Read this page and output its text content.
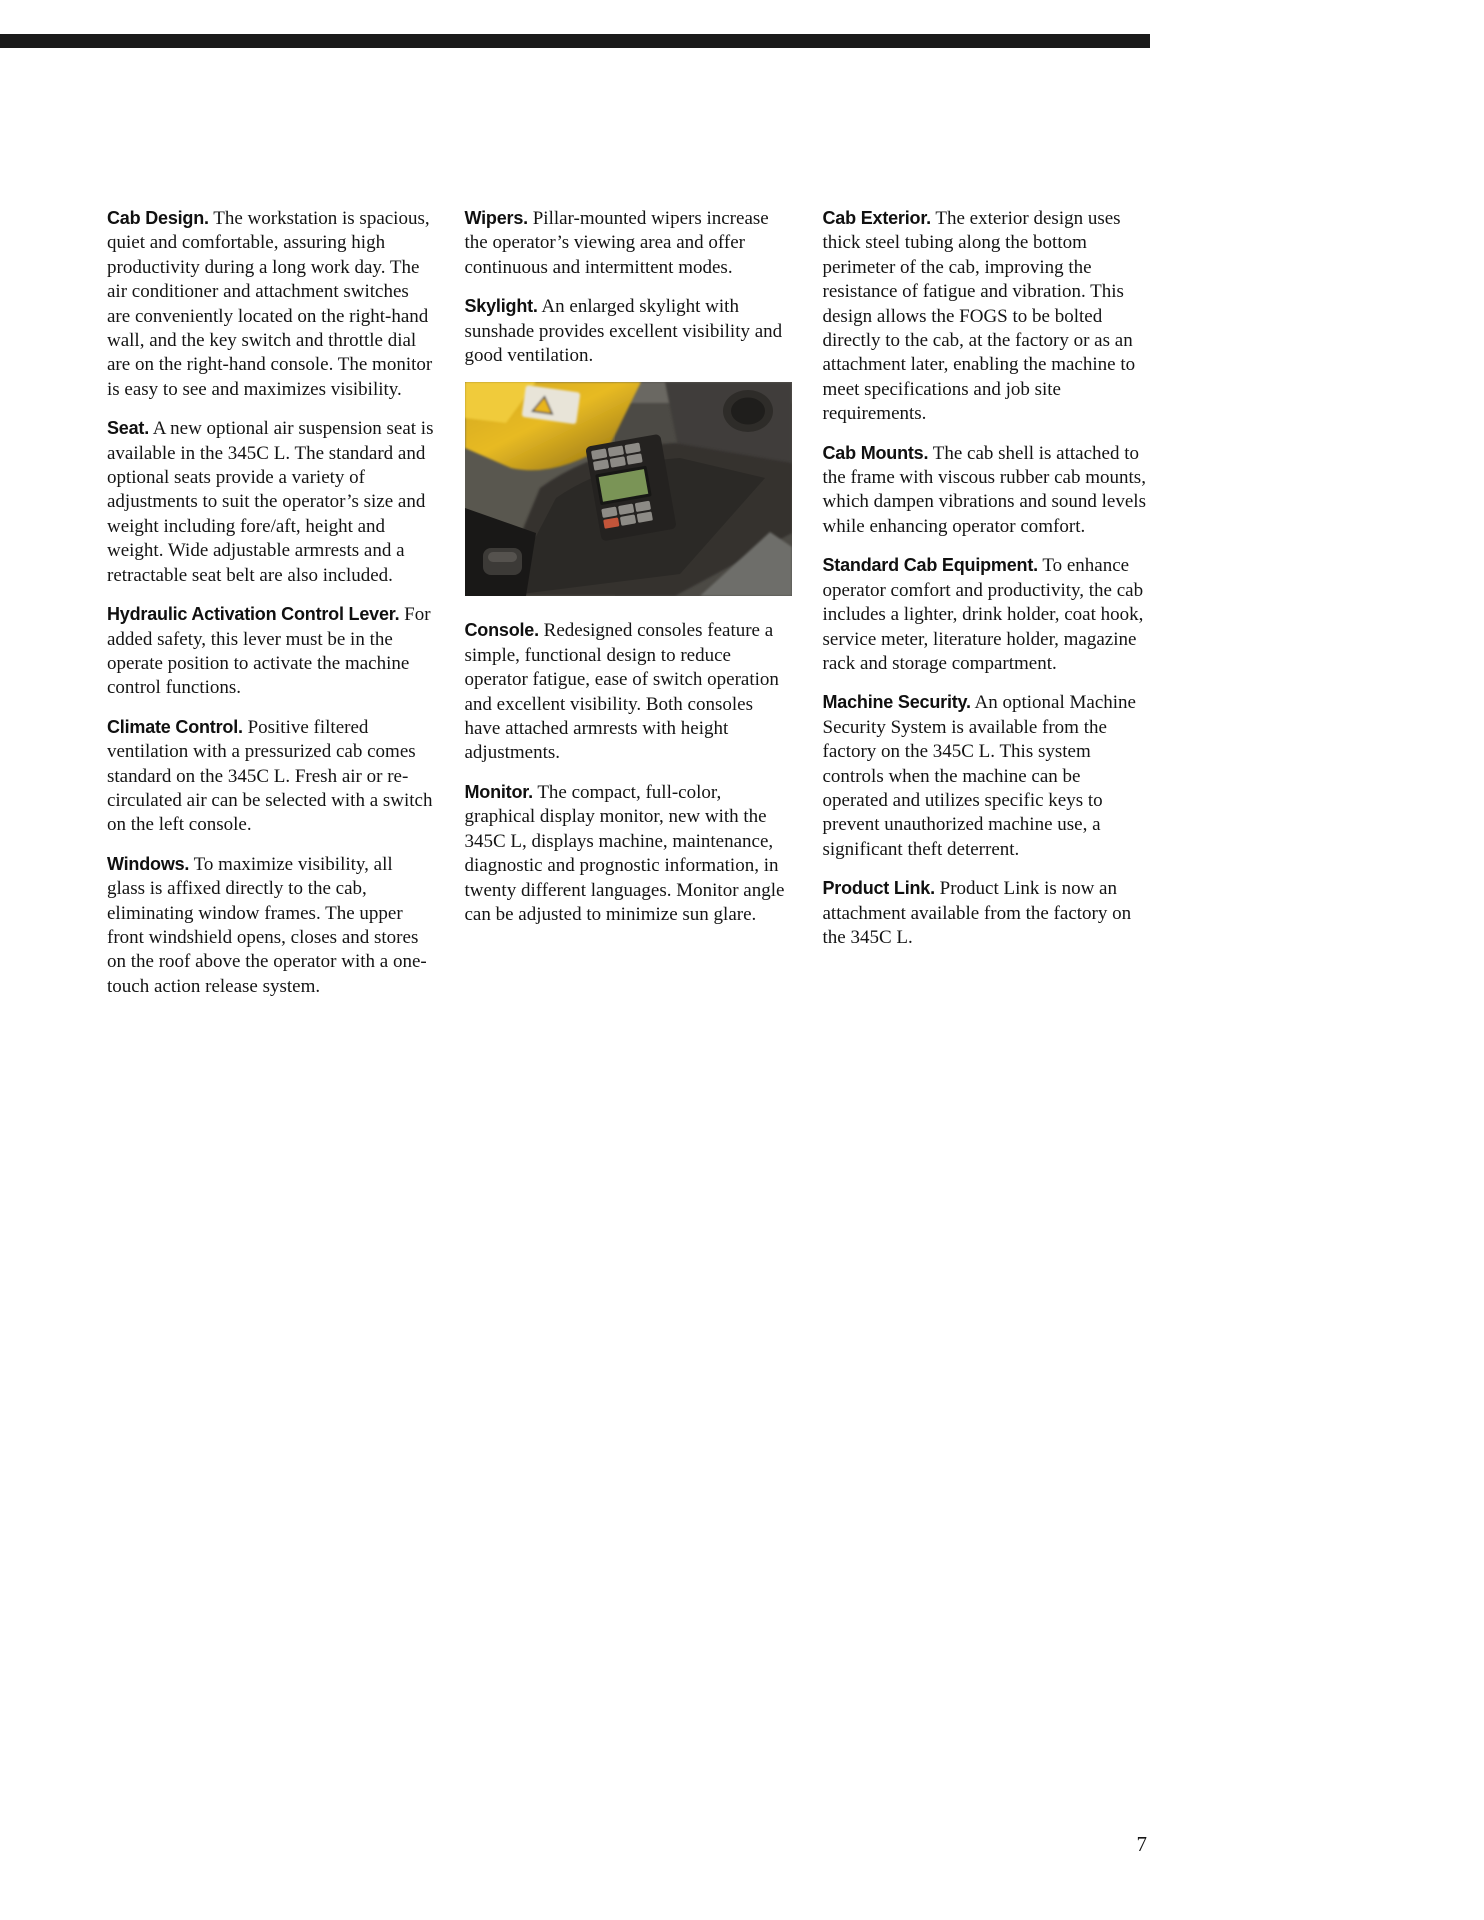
Cab Design. The workstation is spacious, quiet and comfortable, assuring high productivity during a long work day. The air conditioner and attachment switches are conveniently located on the right-hand wall, and the key switch and throttle dial are on the right-hand console. The monitor is easy to see and maximizes visibility.

Seat. A new optional air suspension seat is available in the 345C L. The standard and optional seats provide a variety of adjustments to suit the operator’s size and weight including fore/aft, height and weight. Wide adjustable armrests and a retractable seat belt are also included.

Hydraulic Activation Control Lever. For added safety, this lever must be in the operate position to activate the machine control functions.

Climate Control. Positive filtered ventilation with a pressurized cab comes standard on the 345C L. Fresh air or re-circulated air can be selected with a switch on the left console.

Windows. To maximize visibility, all glass is affixed directly to the cab, eliminating window frames. The upper front windshield opens, closes and stores on the roof above the operator with a one-touch action release system.

Wipers. Pillar-mounted wipers increase the operator’s viewing area and offer continuous and intermittent modes.

Skylight. An enlarged skylight with sunshade provides excellent visibility and good ventilation.

Console. Redesigned consoles feature a simple, functional design to reduce operator fatigue, ease of switch operation and excellent visibility. Both consoles have attached armrests with height adjustments.

Monitor. The compact, full-color, graphical display monitor, new with the 345C L, displays machine, maintenance, diagnostic and prognostic information, in twenty different languages. Monitor angle can be adjusted to minimize sun glare.

Cab Exterior. The exterior design uses thick steel tubing along the bottom perimeter of the cab, improving the resistance of fatigue and vibration. This design allows the FOGS to be bolted directly to the cab, at the factory or as an attachment later, enabling the machine to meet specifications and job site requirements.

Cab Mounts. The cab shell is attached to the frame with viscous rubber cab mounts, which dampen vibrations and sound levels while enhancing operator comfort.

Standard Cab Equipment. To enhance operator comfort and productivity, the cab includes a lighter, drink holder, coat hook, service meter, literature holder, magazine rack and storage compartment.

Machine Security. An optional Machine Security System is available from the factory on the 345C L. This system controls when the machine can be operated and utilizes specific keys to prevent unauthorized machine use, a significant theft deterrent.

Product Link. Product Link is now an attachment available from the factory on the 345C L.

7
